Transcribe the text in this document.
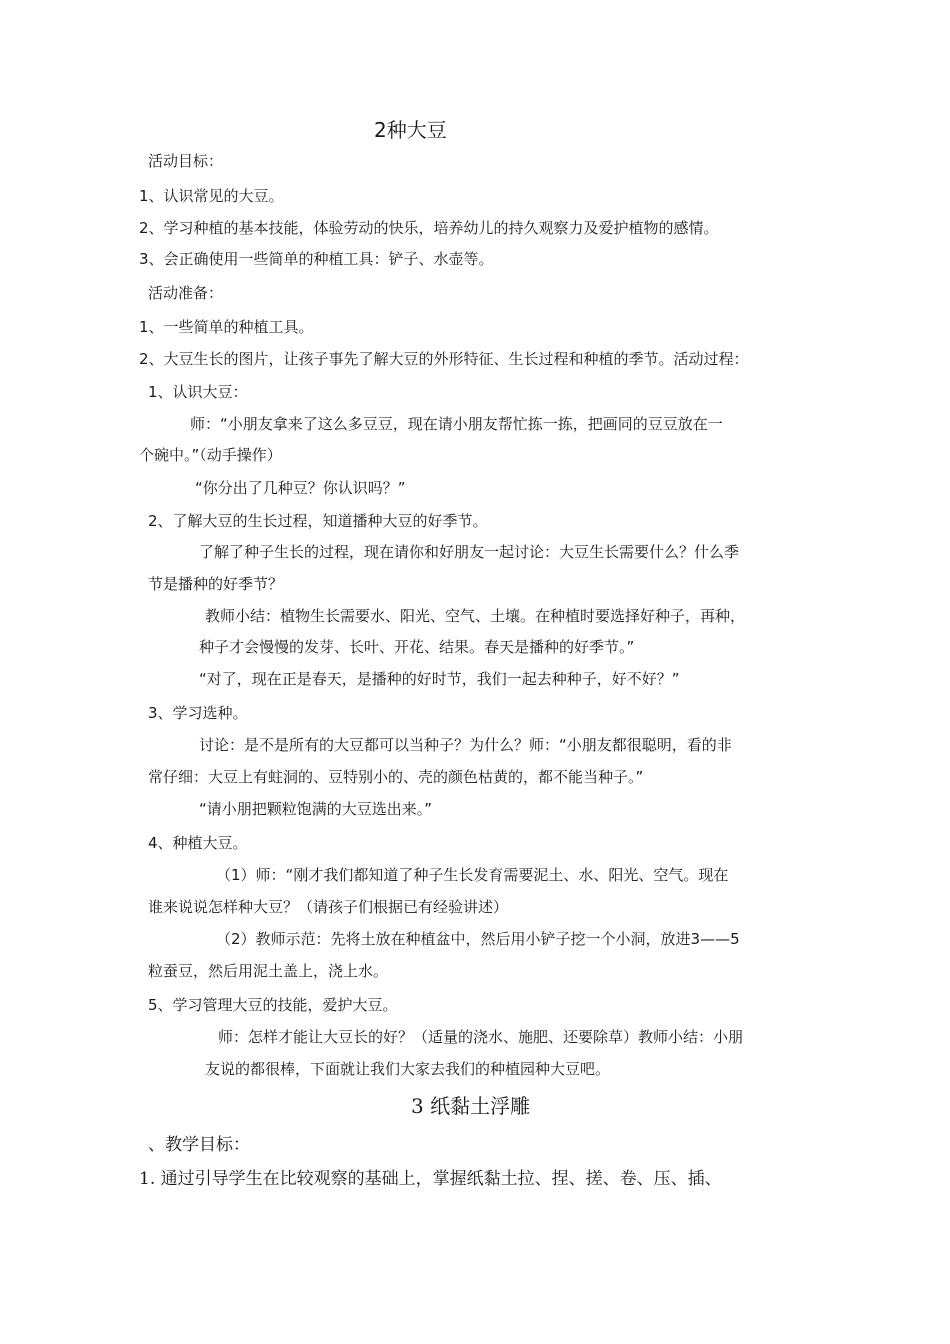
2种大豆
活动目标：
1、认识常见的大豆。
2、学习种植的基本技能，体验劳动的快乐，培养幼儿的持久观察力及爱护植物的感情。
3、会正确使用一些简单的种植工具：铲子、水壶等。
活动准备：
1、一些简单的种植工具。
2、大豆生长的图片，让孩子事先了解大豆的外形特征、生长过程和种植的季节。活动过程：
1、认识大豆：
师：“小朋友拿来了这么多豆豆，现在请小朋友帮忙拣一拣，把画同的豆豆放在一
个碗中。”（动手操作）
“你分出了几种豆？你认识吗？”
2、了解大豆的生长过程，知道播种大豆的好季节。
了解了种子生长的过程，现在请你和好朋友一起讨论：大豆生长需要什么？什么季
节是播种的好季节？
教师小结：植物生长需要水、阳光、空气、土壤。在种植时要选择好种子，再种，
种子才会慢慢的发芽、长叶、开花、结果。春天是播种的好季节。”
“对了，现在正是春天，是播种的好时节，我们一起去种种子，好不好？”
3、学习选种。
讨论：是不是所有的大豆都可以当种子？为什么？师：“小朋友都很聪明，看的非
常仔细：大豆上有蛀洞的、豆特别小的、壳的颜色枯黄的，都不能当种子。”
“请小朋把颗粒饱满的大豆选出来。”
4、种植大豆。
（1）师：“刚才我们都知道了种子生长发育需要泥土、水、阳光、空气。现在
谁来说说怎样种大豆？（请孩子们根据已有经验讲述）
（2）教师示范：先将土放在种植盆中，然后用小铲子挖一个小洞，放进3——5
粒蚕豆，然后用泥土盖上，浇上水。
5、学习管理大豆的技能，爱护大豆。
师：怎样才能让大豆长的好？（适量的浇水、施肥、还要除草）教师小结：小朋
友说的都很棒，下面就让我们大家去我们的种植园种大豆吧。
3 纸黏土浮雕
、教学目标：
1. 通过引导学生在比较观察的基础上，掌握纸黏土拉、捏、搓、卷、压、插、
